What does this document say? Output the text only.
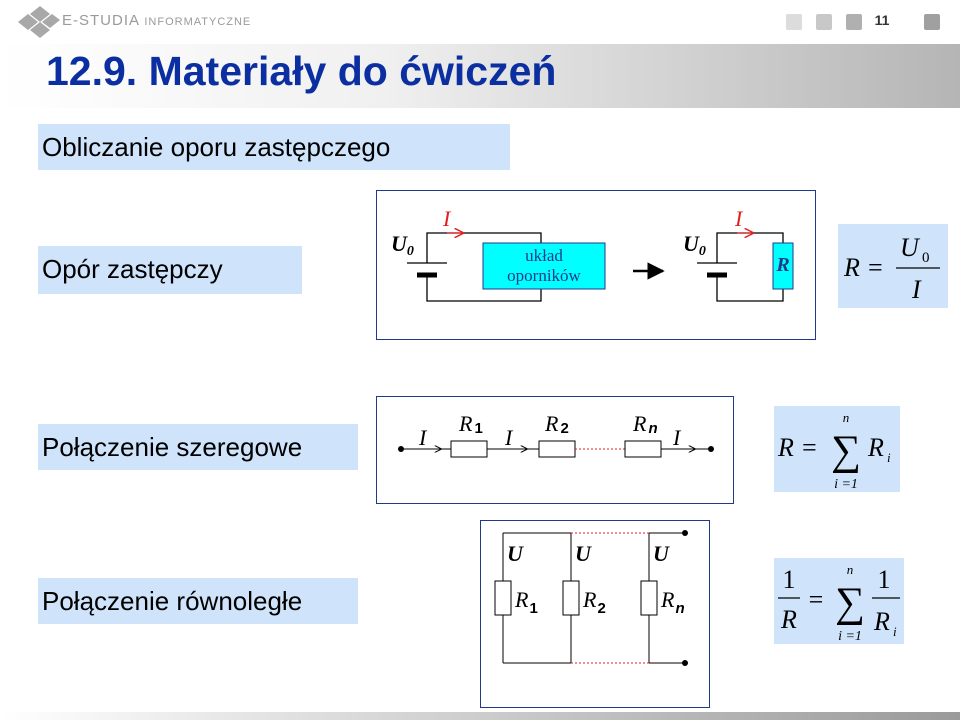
E-STUDIA INFORMATYCZNE	11
12.9. Materiały do ćwiczeń
Obliczanie oporu zastępczego
Opór zastępczy
Połączenie szeregowe
Połączenie równoległe
I
U0	układ
oporników
I
U0
R R =
U 0
I
I	I	I
R 1	R 2	R n
R =
n
∑
i =1
R i
U U	U
$R_1$ $R_2$	$R_n$
1
R
=
n
∑
i =1
1
R i
